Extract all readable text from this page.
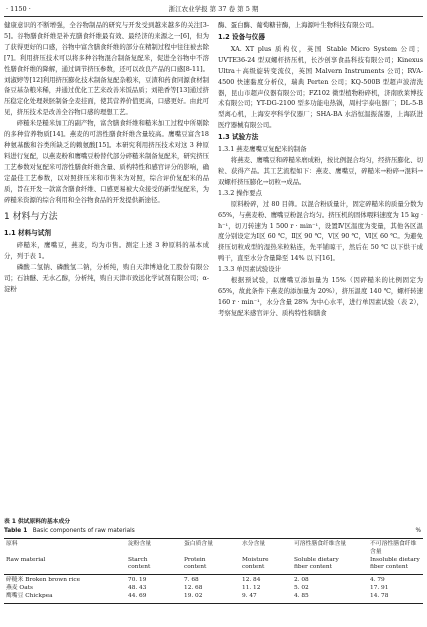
· 1150 ·	浙江农业学报 第 37 卷 第 5 期

健康意识的不断增强，全谷物制品的研究与开发受到越来越多的关注[3-5]。谷物膳食纤维是补充膳食纤维最有效、最经济的来源之一[6]，但为了获得更好的口感，谷物中富含膳食纤维的部分在精制过程中往往被去除[7]。利用挤压技术可以将多种谷物混合制备复配米，促进全谷物中不溶性膳食纤维的降解，通过调节挤压参数，还可以改良产品的口感[8-11]。刘淑婷等[12]利用挤压膨化技术制备复配杂粮米，豆渣和药食同源食材制备豆基杂粮米稀，并通过优化工艺来改善米饭品质；刘艳香等[13]通过挤压稳定化处理麸胚制备全麦挂面，使其营养价值更高，口感更好。由此可见，挤压技术是改善全谷物口感的理想工艺。

碎糙米是糙米加工的副产物，富含膳食纤维和糙米加工过程中所剔除的多种营养物质[14]。燕麦的可溶性膳食纤维含量较高。鹰嘴豆富含18 种氨基酸和谷类所缺乏的赖氨酸[15]。本研究利用挤压技术对这 3 种原料进行复配，以燕麦粉和鹰嘴豆粉替代部分碎糙米制备复配米，研究挤压工艺参数对复配米可溶性膳食纤维含量、质构特性和感官评分的影响，确定最佳工艺参数，以对照挤压米和市售米为对照，综合评价复配米的品质，旨在开发一款富含膳食纤维、口感更易被大众接受的新型复配米，为碎糙米资源的综合利用和全谷物食品的开发提供新途径。

1 材料与方法
1.1 材料与试剂

碎糙米，鹰嘴豆，燕麦，均为市售。测定上述 3 种原料的基本成分，列于表 1。

磷酸二氢钠、磷酸氢二钠，分析纯，购自天津博迪化工股份有限公司；石油醚、无水乙醇，分析纯，购自天津市致远化学试剂有限公司；α-淀粉

酶、蛋白酶、葡萄糖苷酶，上海源叶生物科技有限公司。

1.2 设备与仪器

XA. XT plus 质构仪，英国 Stable Micro System 公司；UVTE36-24 型双螺杆挤压机，长沙创享食品科技有限公司；Kinexus Ultra＋高级旋转变流仪，英国 Malvern Instruments 公司；RVA-4500 快速黏度分析仪，瑞典 Perten 公司；KQ-500B 型超声波清洗器，昆山市超声仪器有限公司；FZ102 微型植物粉碎机，济南欧莱博技术有限公司；YT-DG-2100 型多功能电热锅，周村宇泰电器厂；DL-5-B 型离心机，上海安亭科学仪器厂；SHA-BA 水浴恒温振荡器，上海跃进医疗器械有限公司。

1.3 试验方法
1.3.1 燕麦鹰嘴豆复配米的制备

将燕麦、鹰嘴豆和碎糙米磨成粉，按比例混合均匀，经挤压膨化、切粒、获得产品。其工艺流程如下：燕麦、鹰嘴豆，碎糙米→粉碎→混料→双螺杆挤压膨化→切粒→成品。

1.3.2 操作要点

原料粉碎，过 80 目筛。以混合粉质量计，固定碎糙米的质量分数为 65%，与燕麦粉、鹰嘴豆粉混合均匀。挤压机的固体喂料速度为 15 kg · h⁻¹，切刀转速为 1 500 r · min⁻¹，设置Ⅳ区温度为变量，其他各区温度分别设定为Ⅰ区 60 ℃，Ⅱ区 90 ℃，Ⅴ区 90 ℃，Ⅵ区 60 ℃。为避免挤压切粒成型的湿热米粒粘连，先平铺晾干，然后在 50 ℃ 以下烘干成鸭干，直至水分含量降至 14% 以下[16]。

1.3.3 单因素试验设计

根据预试验，以鹰嘴豆添加量为 15%（因碎糙米的比例固定为 65%，故此条件下燕麦的添加量为 20%），挤压温度 140 ℃，螺杆转速 160 r · min⁻¹，水分含量 28% 为中心水平，进行单因素试验（表 2），考察复配米感官评分、质构特性和膳食

表 1 供试原料的基本成分
Table 1 Basic components of raw materials	%
原料	淀粉含量	蛋白质含量	水分含量	可溶性膳食纤维含量	不可溶性膳食纤维含量
Raw material	Starch	Protein	Moisture	Soluble dietary	Insoluble dietary
	content	content	content	fiber content	fiber content
碎糙米 Broken brown rice	70. 19	7. 68	12. 84	2. 08	4. 79
燕麦 Oats	48. 43	12. 68	11. 12	5. 02	17. 91
鹰嘴豆 Chickpea	44. 69	19. 02	9. 47	4. 85	14. 78
